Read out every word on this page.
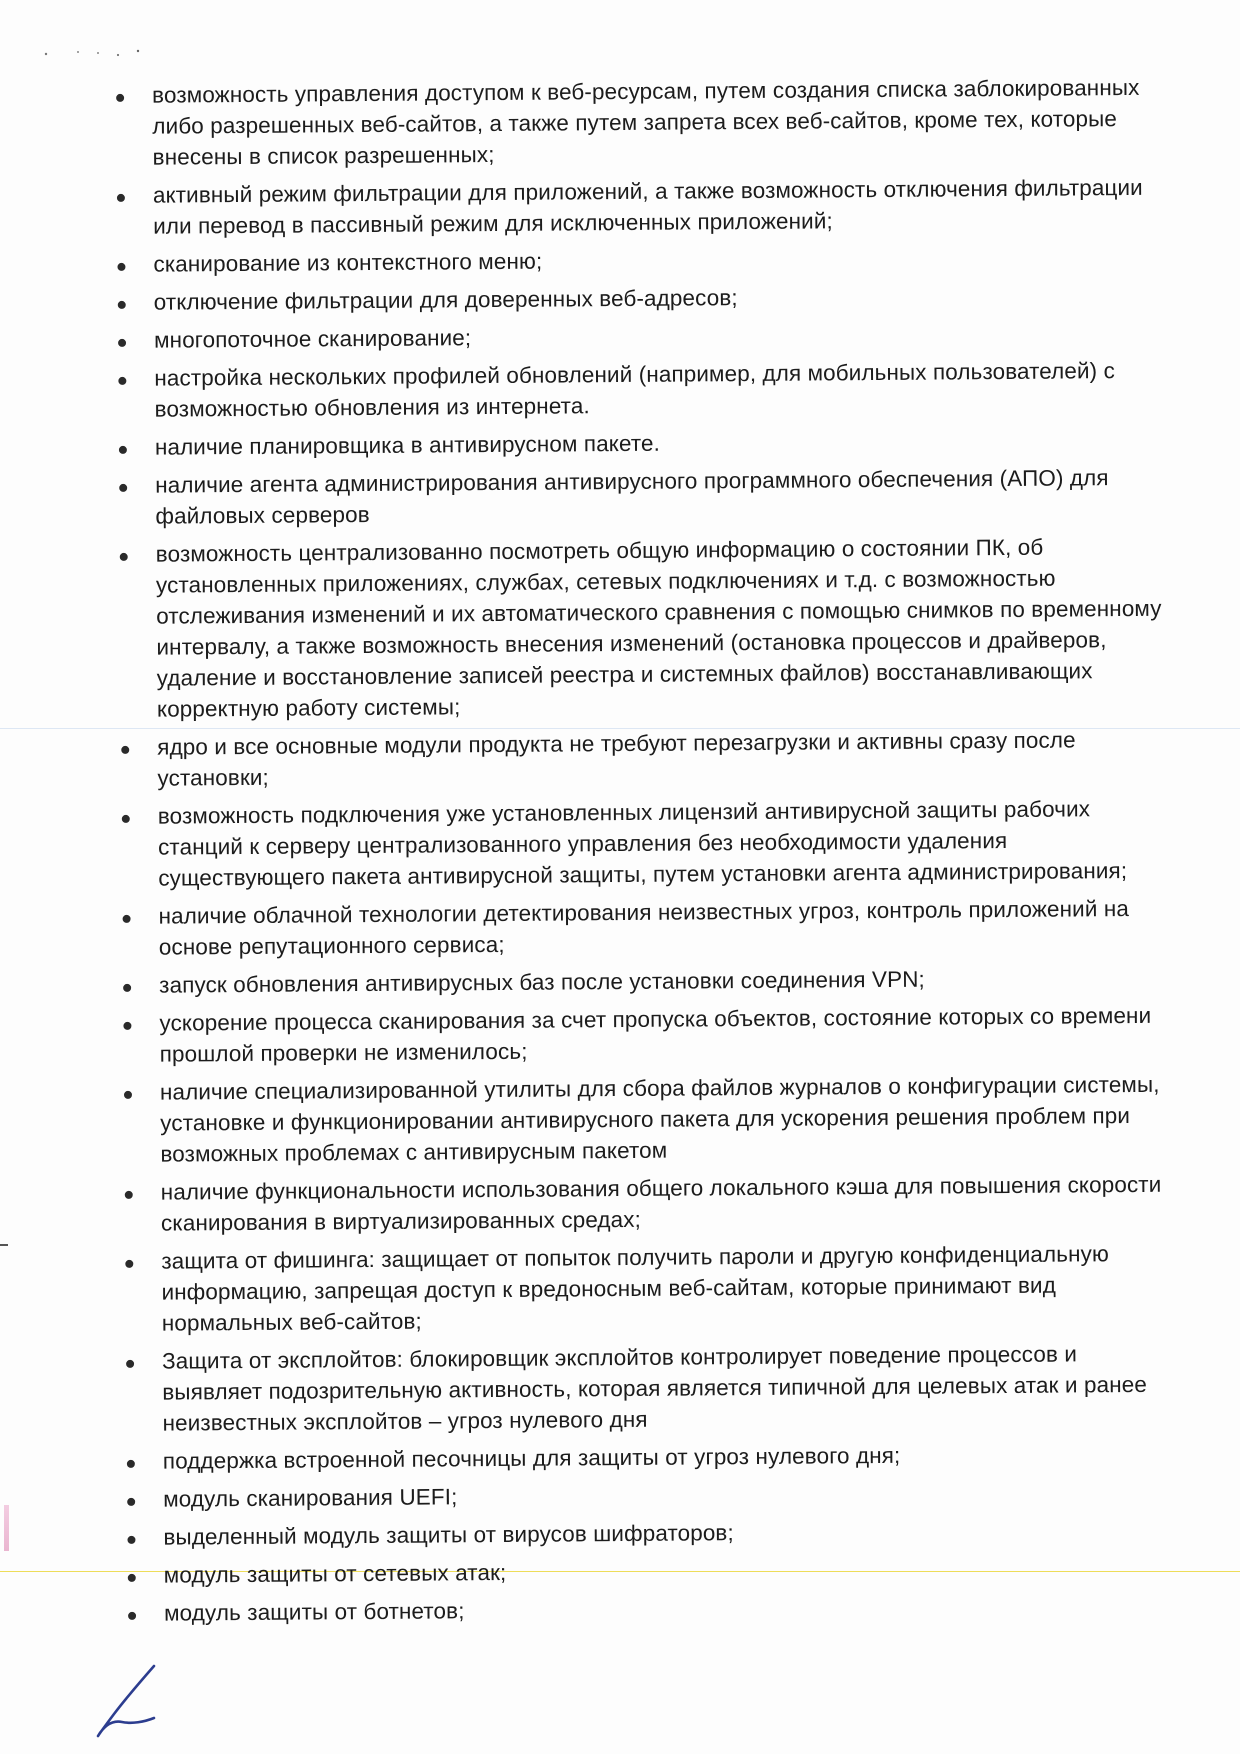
возможность управления доступом к веб-ресурсам, путем создания списка заблокированных либо разрешенных веб-сайтов, а также путем запрета всех веб-сайтов, кроме тех, которые внесены в список разрешенных;
активный режим фильтрации для приложений, а также возможность отключения фильтрации или перевод в пассивный режим для исключенных приложений;
сканирование из контекстного меню;
отключение фильтрации для доверенных веб-адресов;
многопоточное сканирование;
настройка нескольких профилей обновлений (например, для мобильных пользователей) с возможностью обновления из интернета.
наличие планировщика в антивирусном пакете.
наличие агента администрирования антивирусного программного обеспечения (АПО) для файловых серверов
возможность централизованно посмотреть общую информацию о состоянии ПК, об установленных приложениях, службах, сетевых подключениях и т.д. с возможностью отслеживания изменений и их автоматического сравнения с помощью снимков по временному интервалу, а также возможность внесения изменений (остановка процессов и драйверов, удаление и восстановление записей реестра и системных файлов) восстанавливающих корректную работу системы;
ядро и все основные модули продукта не требуют перезагрузки и активны сразу после установки;
возможность подключения уже установленных лицензий антивирусной защиты рабочих станций к серверу централизованного управления без необходимости удаления существующего пакета антивирусной защиты, путем установки агента администрирования;
наличие облачной технологии детектирования неизвестных угроз, контроль приложений на основе репутационного сервиса;
запуск обновления антивирусных баз после установки соединения VPN;
ускорение процесса сканирования за счет пропуска объектов, состояние которых со времени прошлой проверки не изменилось;
наличие специализированной утилиты для сбора файлов журналов о конфигурации системы, установке и функционировании антивирусного пакета для ускорения решения проблем при возможных проблемах с антивирусным пакетом
наличие функциональности использования общего локального кэша для повышения скорости сканирования в виртуализированных средах;
защита от фишинга: защищает от попыток получить пароли и другую конфиденциальную информацию, запрещая доступ к вредоносным веб-сайтам, которые принимают вид нормальных веб-сайтов;
Защита от эксплойтов: блокировщик эксплойтов контролирует поведение процессов и выявляет подозрительную активность, которая является типичной для целевых атак и ранее неизвестных эксплойтов – угроз нулевого дня
поддержка встроенной песочницы для защиты от угроз нулевого дня;
модуль сканирования UEFI;
выделенный модуль защиты от вирусов шифраторов;
модуль защиты от сетевых атак;
модуль защиты от ботнетов;
